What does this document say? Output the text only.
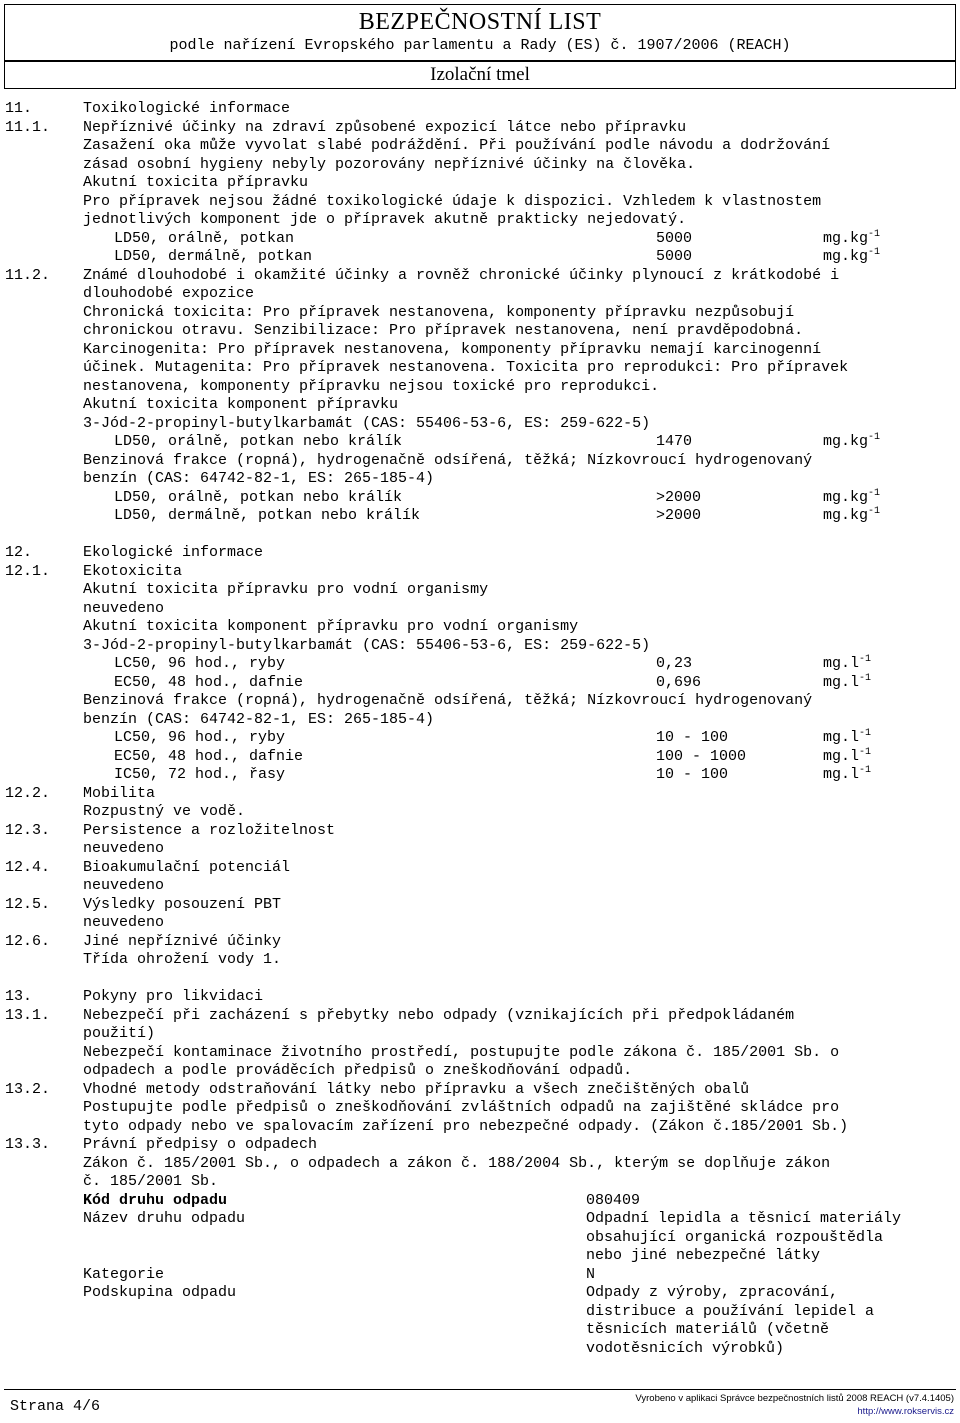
BEZPEČNOSTNÍ LIST
podle nařízení Evropského parlamentu a Rady (ES) č. 1907/2006 (REACH)
Izolační tmel
11.	Toxikologické informace
11.1. Nepříznivé účinky na zdraví způsobené expozicí látce nebo přípravku
Zasažení oka může vyvolat slabé podráždění. Při používání podle návodu a dodržování
zásad osobní hygieny nebyly pozorovány nepříznivé účinky na člověka.
Akutní toxicita přípravku
Pro přípravek nejsou žádné toxikologické údaje k dispozici. Vzhledem k vlastnostem
jednotlivých komponent jde o přípravek akutně prakticky nejedovatý.
LD50, orálně, potkan	5000	$mg.kg^{-1}$
LD50, dermálně, potkan	5000	$mg.kg^{-1}$
11.2. Známé dlouhodobé i okamžité účinky a rovněž chronické účinky plynoucí z krátkodobé i
dlouhodobé expozice
Chronická toxicita: Pro přípravek nestanovena, komponenty přípravku nezpůsobují
chronickou otravu. Senzibilizace: Pro přípravek nestanovena, není pravděpodobná.
Karcinogenita: Pro přípravek nestanovena, komponenty přípravku nemají karcinogenní
účinek. Mutagenita: Pro přípravek nestanovena. Toxicita pro reprodukci: Pro přípravek
nestanovena, komponenty přípravku nejsou toxické pro reprodukci.
Akutní toxicita komponent přípravku
3-Jód-2-propinyl-butylkarbamát (CAS: 55406-53-6, ES: 259-622-5)
LD50, orálně, potkan nebo králík	1470	$mg.kg^{-1}$
Benzinová frakce (ropná), hydrogenačně odsířená, těžká; Nízkovroucí hydrogenovaný
benzín (CAS: 64742-82-1, ES: 265-185-4)
LD50, orálně, potkan nebo králík	>2000	$mg.kg^{-1}$
LD50, dermálně, potkan nebo králík	>2000	$mg.kg^{-1}$
12.	Ekologické informace
12.1. Ekotoxicita
Akutní toxicita přípravku pro vodní organismy
neuvedeno
Akutní toxicita komponent přípravku pro vodní organismy
3-Jód-2-propinyl-butylkarbamát (CAS: 55406-53-6, ES: 259-622-5)
LC50, 96 hod., ryby	0,23	$mg.l^{-1}$
EC50, 48 hod., dafnie	0,696	$mg.l^{-1}$
Benzinová frakce (ropná), hydrogenačně odsířená, těžká; Nízkovroucí hydrogenovaný
benzín (CAS: 64742-82-1, ES: 265-185-4)
LC50, 96 hod., ryby	10 - 100	$mg.l^{-1}$
EC50, 48 hod., dafnie	100 - 1000	$mg.l^{-1}$
IC50, 72 hod., řasy	10 - 100	$mg.l^{-1}$
12.2. Mobilita
Rozpustný ve vodě.
12.3. Persistence a rozložitelnost
neuvedeno
12.4. Bioakumulační potenciál
neuvedeno
12.5. Výsledky posouzení PBT
neuvedeno
12.6. Jiné nepříznivé účinky
Třída ohrožení vody 1.
13.	Pokyny pro likvidaci
13.1. Nebezpečí při zacházení s přebytky nebo odpady (vznikajících při předpokládaném
použití)
Nebezpečí kontaminace životního prostředí, postupujte podle zákona č. 185/2001 Sb. o
odpadech a podle prováděcích předpisů o zneškodňování odpadů.
13.2. Vhodné metody odstraňování látky nebo přípravku a všech znečištěných obalů
Postupujte podle předpisů o zneškodňování zvláštních odpadů na zajištěné skládce pro
tyto odpady nebo ve spalovacím zařízení pro nebezpečné odpady. (Zákon č.185/2001 Sb.)
13.3. Právní předpisy o odpadech
Zákon č. 185/2001 Sb., o odpadech a zákon č. 188/2004 Sb., kterým se doplňuje zákon
č. 185/2001 Sb.
Kód druhu odpadu	080409
Název druhu odpadu	Odpadní lepidla a těsnicí materiály
obsahující organická rozpouštědla
nebo jiné nebezpečné látky
Kategorie	N
Podskupina odpadu	Odpady z výroby, zpracování,
distribuce a používání lepidel a
těsnicích materiálů (včetně
vodotěsnicích výrobků)
Strana 4/6	Vyrobeno v aplikaci Správce bezpečnostních listů 2008 REACH (v7.4.1405)
http://www.rokservis.cz
